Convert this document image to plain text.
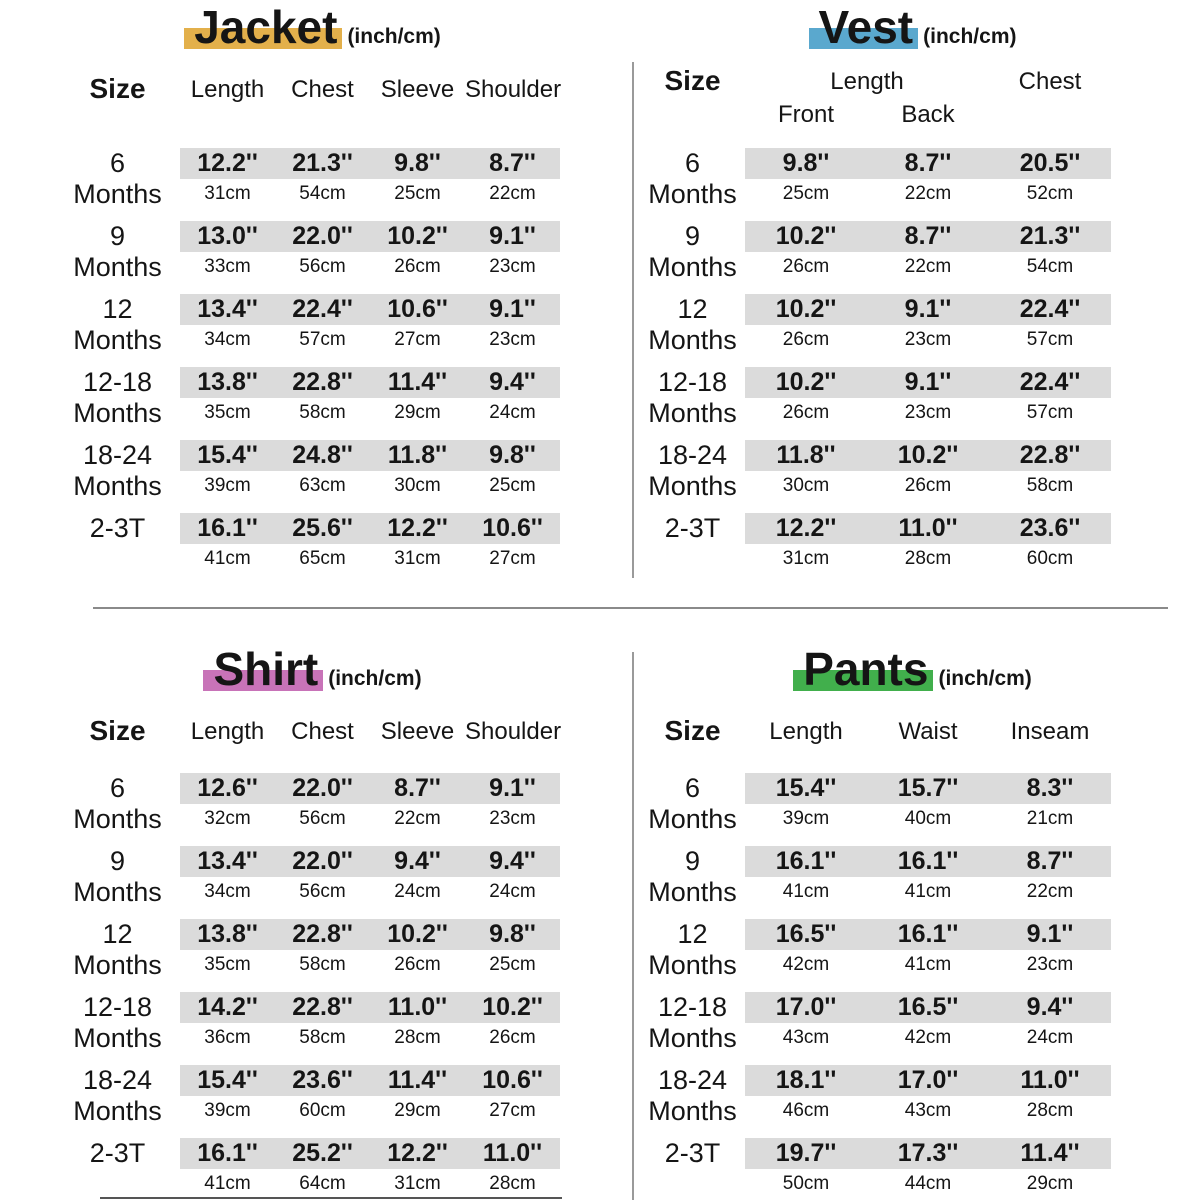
Jacket (inch/cm)
Size	Length	Chest	Sleeve Shoulder
6	12.2''	21.3''	9.8''	8.7''
Months	31cm	54cm	25cm	22cm
9	13.0''	22.0''	10.2''	9.1''
Months	33cm	56cm	26cm	23cm
12	13.4''	22.4''	10.6''	9.1''
Months	34cm	57cm	27cm	23cm
12-18	13.8''	22.8''	11.4''	9.4''
Months	35cm	58cm	29cm	24cm
18-24	15.4''	24.8''	11.8''	9.8''
Months	39cm	63cm	30cm	25cm
2-3T	16.1''	25.6''	12.2''	10.6''
41cm	65cm	31cm	27cm
Vest (inch/cm)
Size	Length	Chest
Front	Back
6	9.8''	8.7''	20.5''
Months	25cm	22cm	52cm
9	10.2''	8.7''	21.3''
Months	26cm	22cm	54cm
12	10.2''	9.1''	22.4''
Months	26cm	23cm	57cm
12-18	10.2''	9.1''	22.4''
Months	26cm	23cm	57cm
18-24	11.8''	10.2''	22.8''
Months	30cm	26cm	58cm
2-3T	12.2''	11.0''	23.6''
31cm	28cm	60cm
Shirt (inch/cm)
Size	Length	Chest	Sleeve Shoulder
6	12.6''	22.0''	8.7''	9.1''
Months	32cm	56cm	22cm	23cm
9	13.4''	22.0''	9.4''	9.4''
Months	34cm	56cm	24cm	24cm
12	13.8''	22.8''	10.2''	9.8''
Months	35cm	58cm	26cm	25cm
12-18	14.2''	22.8''	11.0''	10.2''
Months	36cm	58cm	28cm	26cm
18-24	15.4''	23.6''	11.4''	10.6''
Months	39cm	60cm	29cm	27cm
2-3T	16.1''	25.2''	12.2''	11.0''
41cm	64cm	31cm	28cm
Pants (inch/cm)
Size	Length	Waist	Inseam
6	15.4''	15.7''	8.3''
Months	39cm	40cm	21cm
9	16.1''	16.1''	8.7''
Months	41cm	41cm	22cm
12	16.5''	16.1''	9.1''
Months	42cm	41cm	23cm
12-18	17.0''	16.5''	9.4''
Months	43cm	42cm	24cm
18-24	18.1''	17.0''	11.0''
Months	46cm	43cm	28cm
2-3T	19.7''	17.3''	11.4''
50cm	44cm	29cm
